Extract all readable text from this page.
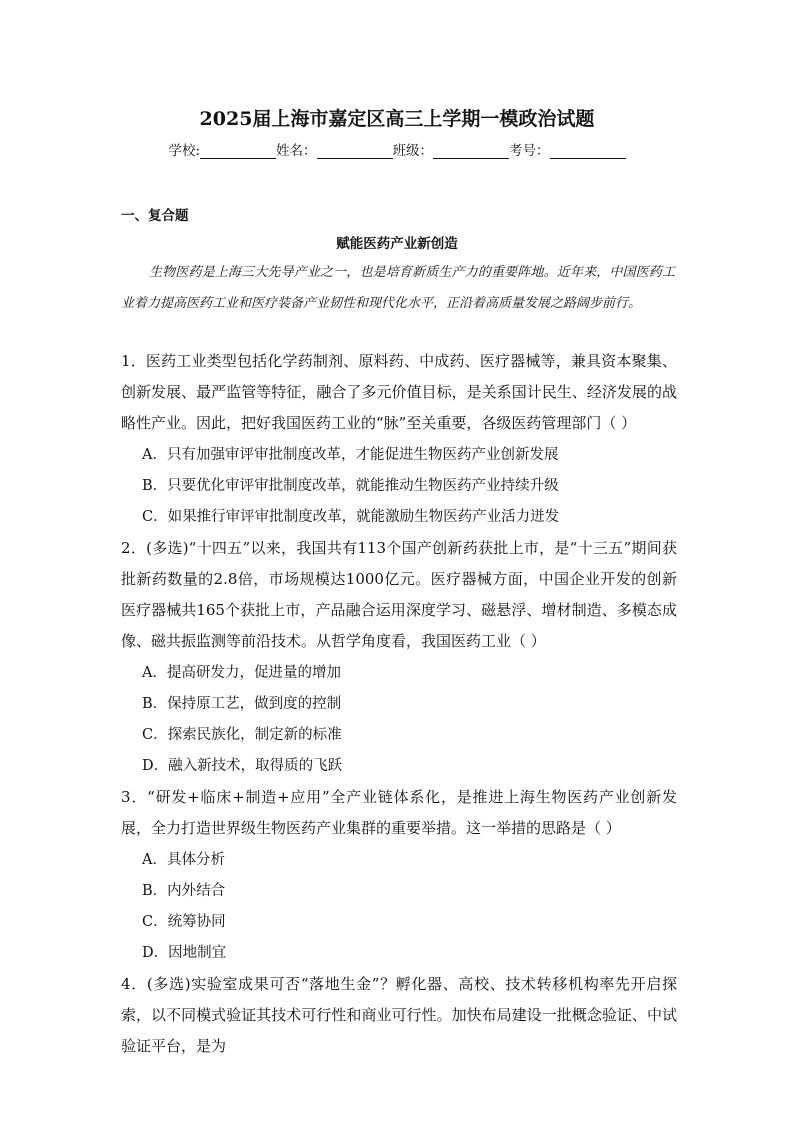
2025届上海市嘉定区高三上学期一模政治试题
学校:	姓名：	班级：	考号：
一、复合题
赋能医药产业新创造
生物医药是上海三大先导产业之一，也是培育新质生产力的重要阵地。近年来，中国医药工业着力提高医药工业和医疗装备产业韧性和现代化水平，正沿着高质量发展之路阔步前行。
1．医药工业类型包括化学药制剂、原料药、中成药、医疗器械等，兼具资本聚集、创新发展、最严监管等特征，融合了多元价值目标，是关系国计民生、经济发展的战略性产业。因此，把好我国医药工业的“脉”至关重要，各级医药管理部门（ ）
A．只有加强审评审批制度改革，才能促进生物医药产业创新发展
B．只要优化审评审批制度改革，就能推动生物医药产业持续升级
C．如果推行审评审批制度改革，就能激励生物医药产业活力迸发
2．(多选)“十四五”以来，我国共有113个国产创新药获批上市，是“十三五”期间获批新药数量的2.8倍，市场规模达1000亿元。医疗器械方面，中国企业开发的创新医疗器械共165个获批上市，产品融合运用深度学习、磁悬浮、增材制造、多模态成像、磁共振监测等前沿技术。从哲学角度看，我国医药工业（ ）
A．提高研发力，促进量的增加
B．保持原工艺，做到度的控制
C．探索民族化，制定新的标准
D．融入新技术，取得质的飞跃
3．“研发+临床+制造+应用”全产业链体系化，是推进上海生物医药产业创新发展，全力打造世界级生物医药产业集群的重要举措。这一举措的思路是（ ）
A．具体分析
B．内外结合
C．统筹协同
D．因地制宜
4．(多选)实验室成果可否“落地生金”？孵化器、高校、技术转移机构率先开启探索，以不同模式验证其技术可行性和商业可行性。加快布局建设一批概念验证、中试验证平台，是为
